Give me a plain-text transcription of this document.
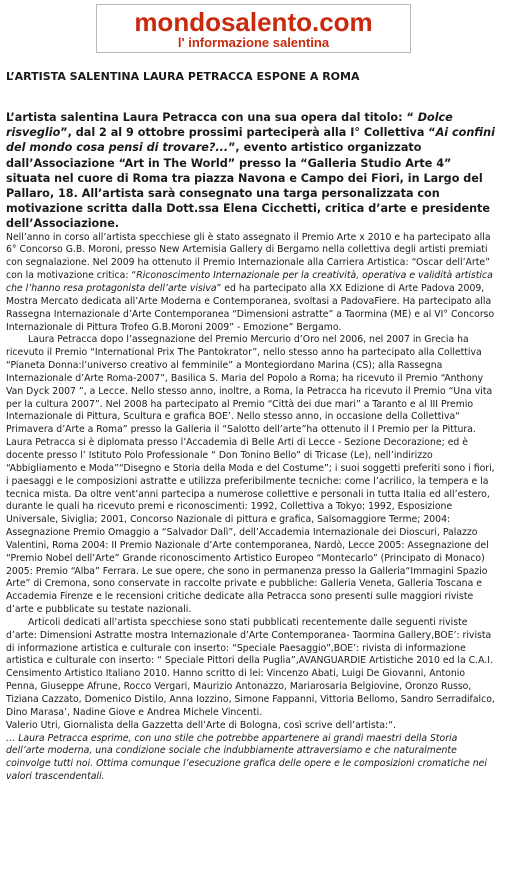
mondosalento.com
l' informazione salentina
L’ARTISTA SALENTINA LAURA PETRACCA ESPONE A ROMA

L’artista salentina Laura Petracca con una sua opera dal titolo: “ Dolce risveglio”, dal 2 al 9 ottobre prossimi parteciperà alla I° Collettiva “Ai confini del mondo cosa pensi di trovare?...”, evento artistico organizzato dall’Associazione “Art in The World” presso la “Galleria Studio Arte 4” situata nel cuore di Roma tra piazza Navona e Campo dei Fiori, in Largo del Pallaro, 18. All’artista sarà consegnato una targa personalizzata con motivazione scritta dalla Dott.ssa Elena Cicchetti, critica d’arte e presidente dell’Associazione.

Nell’anno in corso all’artista specchiese gli è stato assegnato il Premio Arte x 2010 e ha partecipato alla 6° Concorso G.B. Moroni, presso New Artemisia Gallery di Bergamo nella collettiva degli artisti premiati con segnalazione. Nel 2009 ha ottenuto il Premio Internazionale alla Carriera Artistica: “Oscar dell’Arte” con la motivazione critica: “Riconoscimento Internazionale per la creatività, operativa e validità artistica che l’hanno resa protagonista dell’arte visiva” ed ha partecipato alla XX Edizione di Arte Padova 2009, Mostra Mercato dedicata all’Arte Moderna e Contemporanea, svoltasi a PadovaFiere. Ha partecipato alla Rassegna Internazionale d’Arte Contemporanea “Dimensioni astratte” a Taormina (ME) e al VI° Concorso Internazionale di Pittura Trofeo G.B.Moroni 2009” - Emozione” Bergamo.

Laura Petracca dopo l’assegnazione del Premio Mercurio d’Oro nel 2006, nel 2007 in Grecia ha ricevuto il Premio “International Prix The Pantokrator”, nello stesso anno ha partecipato alla Collettiva “Pianeta Donna:l’universo creativo al femminile” a Montegiordano Marina (CS); alla Rassegna Internazionale d’Arte Roma-2007”, Basilica S. Maria del Popolo a Roma; ha ricevuto il Premio “Anthony Van Dyck 2007 ”, a Lecce. Nello stesso anno, inoltre, a Roma, la Petracca ha ricevuto il Premio “Una vita per la cultura 2007”. Nel 2008 ha partecipato al Premio “Città dei due mari” a Taranto e al III Premio Internazionale di Pittura, Scultura e grafica BOE’. Nello stesso anno, in occasione della Collettiva“ Primavera d’Arte a Roma” presso la Galleria il “Salotto dell’arte”ha ottenuto il I Premio per la Pittura. Laura Petracca si è diplomata presso l’Accademia di Belle Arti di Lecce - Sezione Decorazione; ed è docente presso l’ Istituto Polo Professionale “ Don Tonino Bello” di Tricase (Le), nell’indirizzo “Abbigliamento e Moda”“Disegno e Storia della Moda e del Costume”; i suoi soggetti preferiti sono i fiori, i paesaggi e le composizioni astratte e utilizza preferibilmente tecniche: come l’acrilico, la tempera e la tecnica mista. Da oltre vent’anni partecipa a numerose collettive e personali in tutta Italia ed all’estero, durante le quali ha ricevuto premi e riconoscimenti: 1992, Collettiva a Tokyo; 1992, Esposizione Universale, Siviglia; 2001, Concorso Nazionale di pittura e grafica, Salsomaggiore Terme; 2004: Assegnazione Premio Omaggio a “Salvador Dalì”, dell’Accademia Internazionale dei Dioscuri, Palazzo Valentini, Roma 2004: II Premio Nazionale d’Arte contemporanea, Nardò, Lecce 2005: Assegnazione del “Premio Nobel dell’Arte” Grande riconoscimento Artistico Europeo “Montecarlo” (Principato di Monaco) 2005: Premio “Alba” Ferrara. Le sue opere, che sono in permanenza presso la Galleria“Immagini Spazio Arte” di Cremona, sono conservate in raccolte private e pubbliche: Galleria Veneta, Galleria Toscana e Accademia Firenze e le recensioni critiche dedicate alla Petracca sono presenti sulle maggiori riviste d’arte e pubblicate su testate nazionali.

Articoli dedicati all’artista specchiese sono stati pubblicati recentemente dalle seguenti riviste d’arte: Dimensioni Astratte mostra Internazionale d’Arte Contemporanea- Taormina Gallery,BOE’: rivista di informazione artistica e culturale con inserto: “Speciale Paesaggio”,BOE’: rivista di informazione artistica e culturale con inserto: “ Speciale Pittori della Puglia”,AVANGUARDIE Artistiche 2010 ed la C.A.I. Censimento Artistico Italiano 2010. Hanno scritto di lei: Vincenzo Abati, Luigi De Giovanni, Antonio Penna, Giuseppe Afrune, Rocco Vergari, Maurizio Antonazzo, Mariarosaria Belgiovine, Oronzo Russo, Tiziana Cazzato, Domenico Distilo, Anna Iozzino, Simone Fappanni, Vittoria Bellomo, Sandro Serradifalco, Dino Marasa’, Nadine Giove e Andrea Michele Vincenti.

Valerio Utri, Giornalista della Gazzetta dell’Arte di Bologna, così scrive dell’artista:“.

… Laura Petracca esprime, con uno stile che potrebbe appartenere ai grandi maestri della Storia dell’arte moderna, una condizione sociale che indubbiamente attraversiamo e che naturalmente coinvolge tutti noi. Ottima comunque l’esecuzione grafica delle opere e le composizioni cromatiche nei valori trascendentali.
